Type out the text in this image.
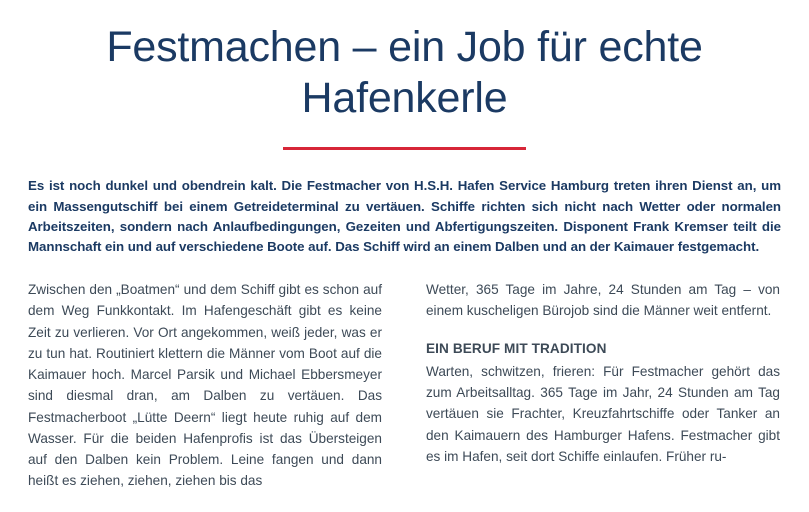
Festmachen – ein Job für echte Hafenkerle

Es ist noch dunkel und obendrein kalt. Die Festmacher von H.S.H. Hafen Service Hamburg treten ihren Dienst an, um ein Massengutschiff bei einem Getreideterminal zu vertäuen. Schiffe richten sich nicht nach Wetter oder normalen Arbeitszeiten, sondern nach Anlaufbedingungen, Gezeiten und Abfertigungszeiten. Disponent Frank Kremser teilt die Mannschaft ein und auf verschiedene Boote auf. Das Schiff wird an einem Dalben und an der Kaimauer festgemacht.

Zwischen den „Boatmen“ und dem Schiff gibt es schon auf dem Weg Funkkontakt. Im Hafengeschäft gibt es keine Zeit zu verlieren. Vor Ort angekommen, weiß jeder, was er zu tun hat. Routiniert klettern die Männer vom Boot auf die Kaimauer hoch. Marcel Parsik und Michael Ebbersmeyer sind diesmal dran, am Dalben zu vertäuen. Das Festmacherboot „Lütte Deern“ liegt heute ruhig auf dem Wasser. Für die beiden Hafenprofis ist das Übersteigen auf den Dalben kein Problem. Leine fangen und dann heißt es ziehen, ziehen, ziehen bis das

Wetter, 365 Tage im Jahre, 24 Stunden am Tag – von einem kuscheligen Bürojob sind die Männer weit entfernt.

EIN BERUF MIT TRADITION

Warten, schwitzen, frieren: Für Festmacher gehört das zum Arbeitsalltag. 365 Tage im Jahr, 24 Stunden am Tag vertäuen sie Frachter, Kreuzfahrtschiffe oder Tanker an den Kaimauern des Hamburger Hafens. Festmacher gibt es im Hafen, seit dort Schiffe einlaufen. Früher ru-
